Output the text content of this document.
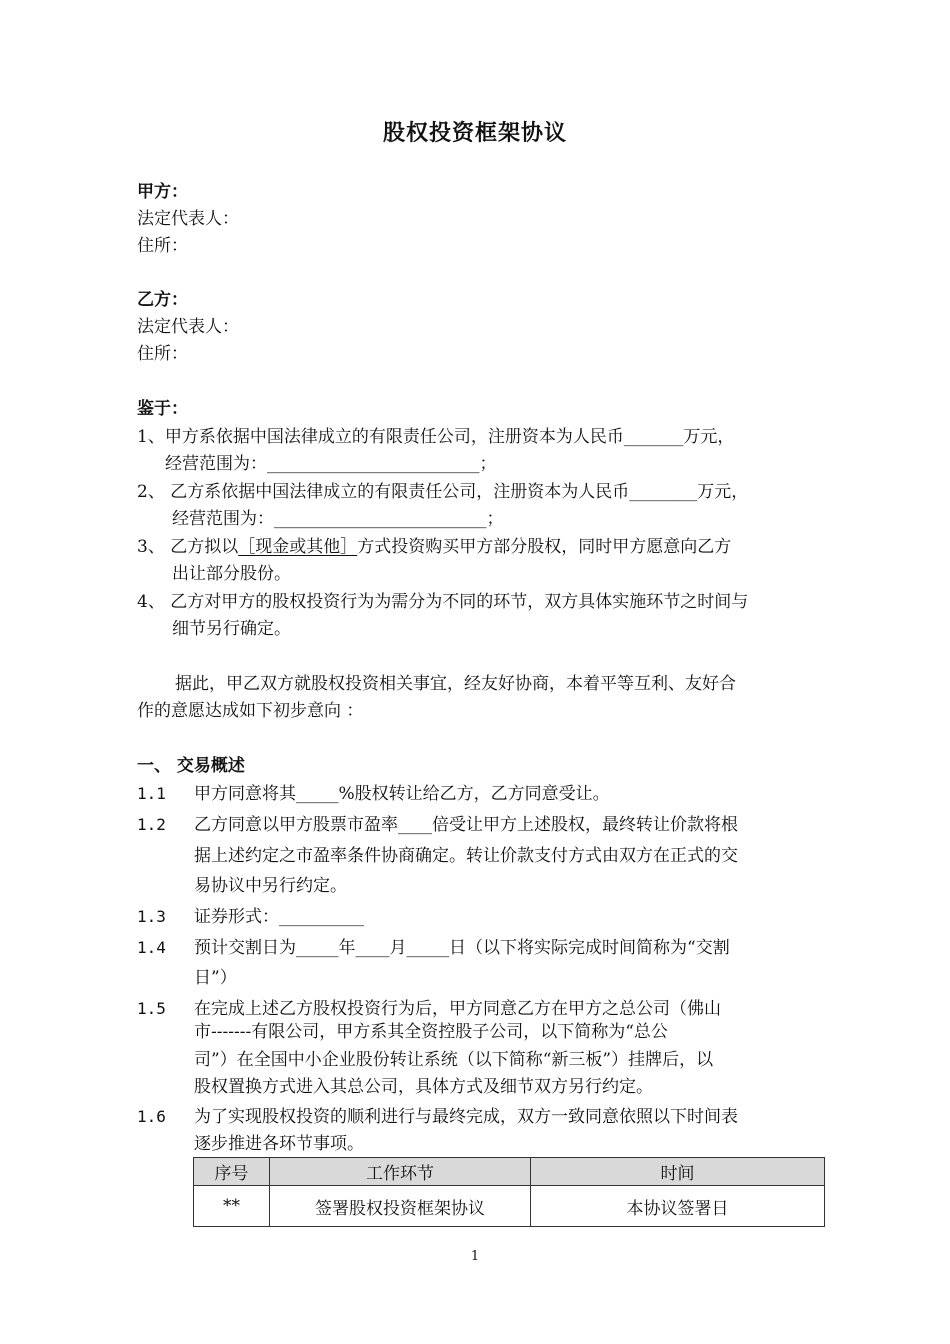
股权投资框架协议
甲方：
法定代表人：
住所：
乙方：
法定代表人：
住所：
鉴于：
1、甲方系依据中国法律成立的有限责任公司，注册资本为人民币_______万元，
经营范围为：_________________________；
2、 乙方系依据中国法律成立的有限责任公司，注册资本为人民币________万元，
经营范围为：_________________________；
3、 乙方拟以［现金或其他］方式投资购买甲方部分股权，同时甲方愿意向乙方
出让部分股份。
4、 乙方对甲方的股权投资行为为需分为不同的环节，双方具体实施环节之时间与
细节另行确定。
据此，甲乙双方就股权投资相关事宜，经友好协商，本着平等互利、友好合
作的意愿达成如下初步意向 ：
一、 交易概述
1.1 甲方同意将其_____%股权转让给乙方，乙方同意受让。
1.2 乙方同意以甲方股票市盈率____倍受让甲方上述股权，最终转让价款将根
据上述约定之市盈率条件协商确定。转让价款支付方式由双方在正式的交
易协议中另行约定。
1.3 证券形式：__________
1.4 预计交割日为_____年____月_____日（以下将实际完成时间简称为“交割
日”）
1.5 在完成上述乙方股权投资行为后，甲方同意乙方在甲方之总公司（佛山
市-------有限公司，甲方系其全资控股子公司，以下简称为“总公
司”）在全国中小企业股份转让系统（以下简称“新三板”）挂牌后，以
股权置换方式进入其总公司，具体方式及细节双方另行约定。
1.6 为了实现股权投资的顺利进行与最终完成，双方一致同意依照以下时间表
逐步推进各环节事项。
序号	工作环节	时间
**	签署股权投资框架协议	本协议签署日
1
